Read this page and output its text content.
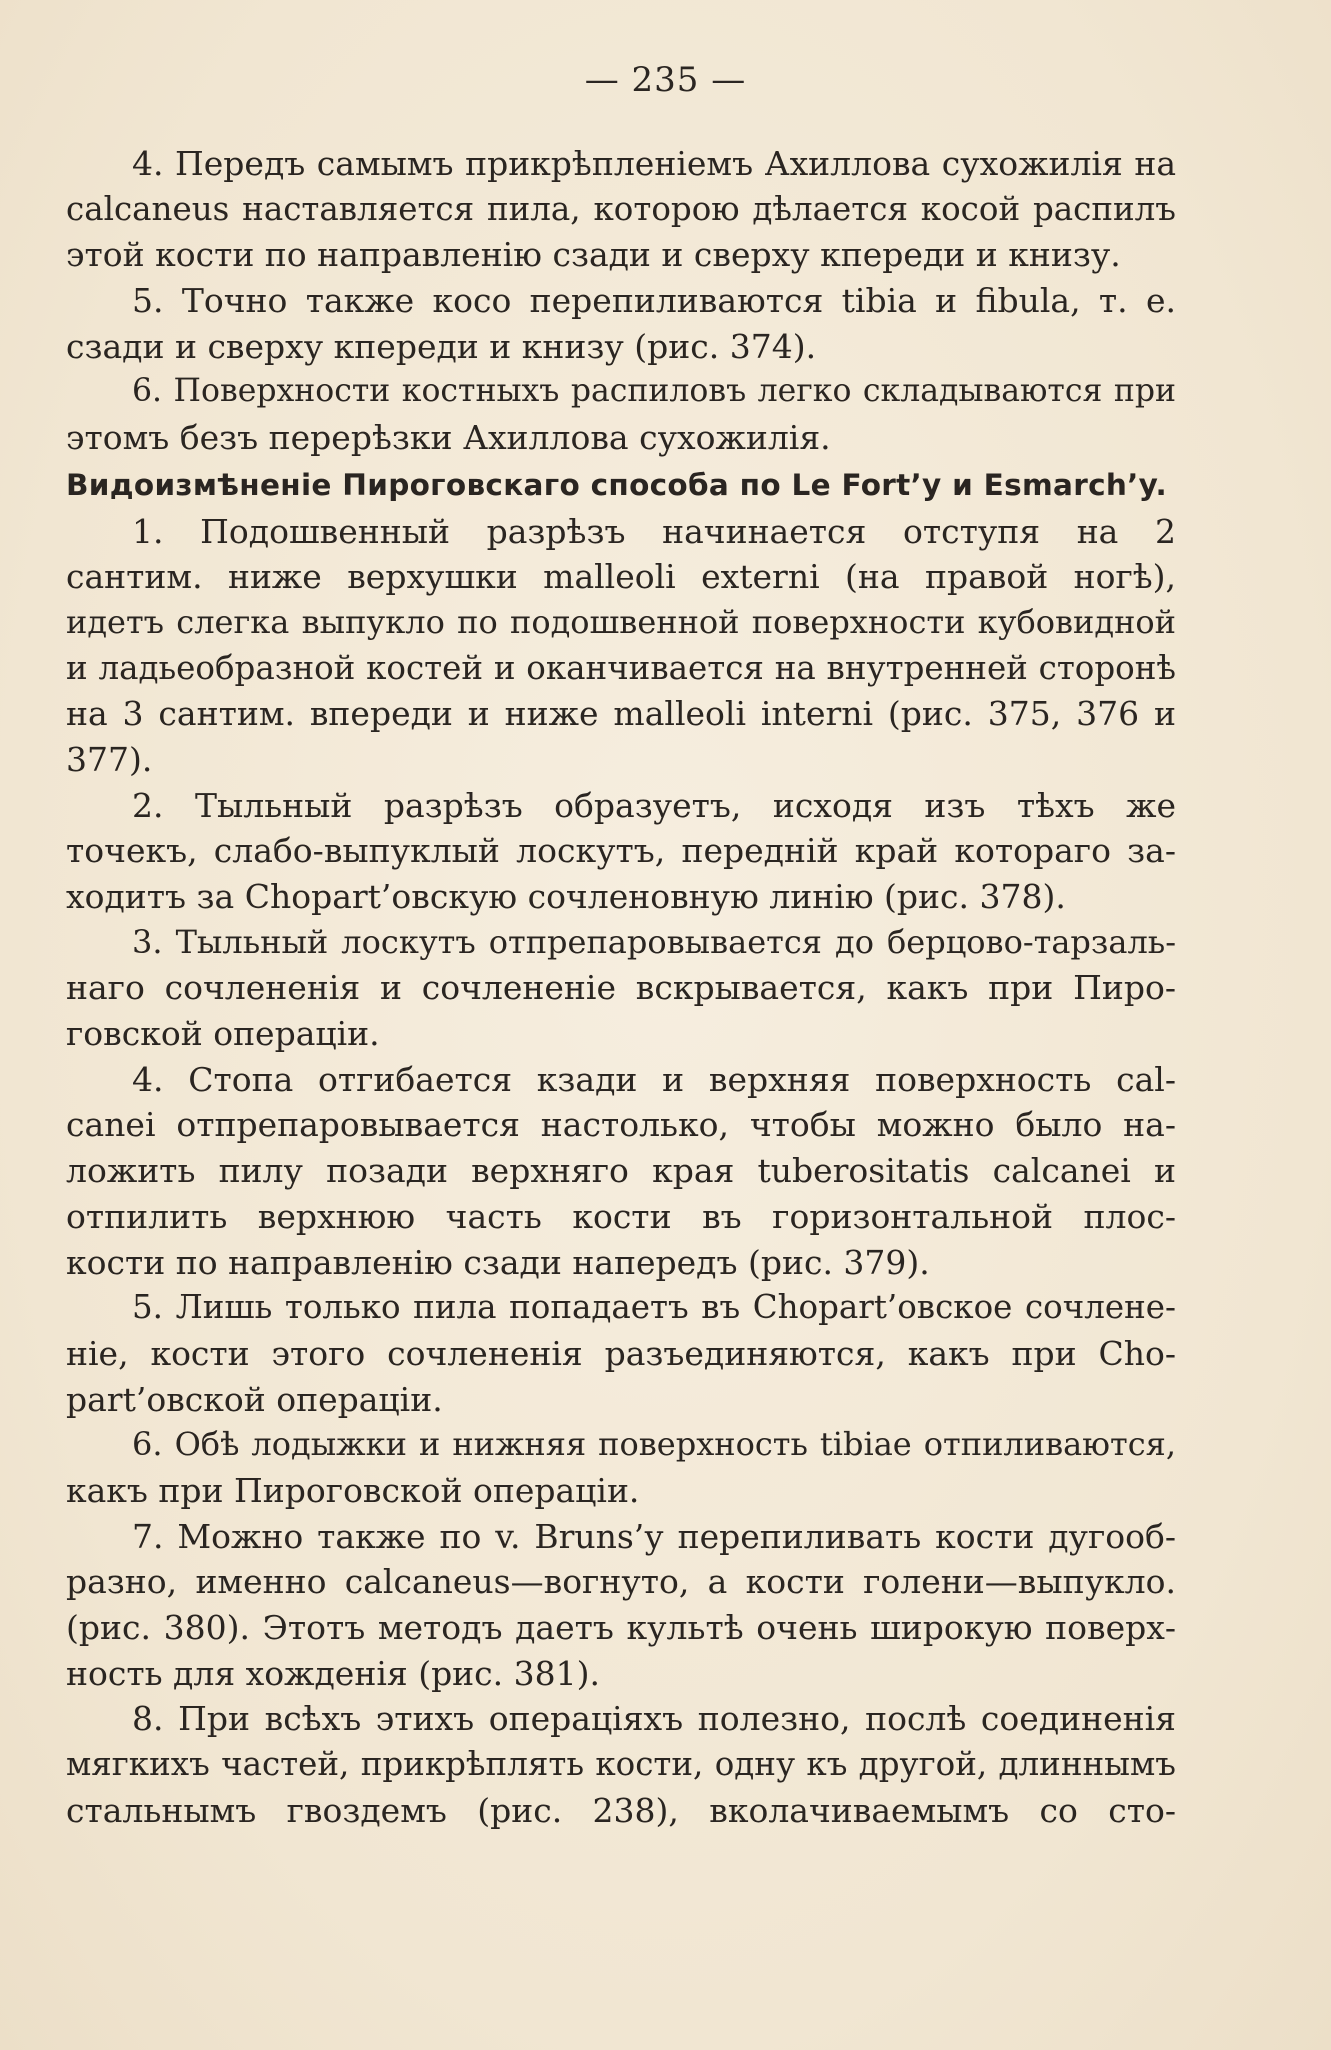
— 235 —
4. Передъ самымъ прикрѣпленіемъ Ахиллова сухожилія на
calcaneus наставляется пила, которою дѣлается косой распилъ
этой кости по направленію сзади и сверху кпереди и книзу.
5. Точно также косо перепиливаются tibia и fibula, т. е.
сзади и сверху кпереди и книзу (рис. 374).
6. Поверхности костныхъ распиловъ легко складываются при
этомъ безъ перерѣзки Ахиллова сухожилія.
Видоизмѣненіе Пироговскаго способа по Le Fort’y и Esmarch’y.
1. Подошвенный разрѣзъ начинается отступя на 2
сантим. ниже верхушки malleoli externi (на правой ногѣ),
идетъ слегка выпукло по подошвенной поверхности кубовидной
и ладьеобразной костей и оканчивается на внутренней сторонѣ
на 3 сантим. впереди и ниже malleoli interni (рис. 375, 376 и
377).
2. Тыльный разрѣзъ образуетъ, исходя изъ тѣхъ же
точекъ, слабо-выпуклый лоскутъ, передній край котораго за-
ходитъ за Chopart’овскую сочленовную линію (рис. 378).
3. Тыльный лоскутъ отпрепаровывается до берцово-тарзаль-
наго сочлененія и сочлененіе вскрывается, какъ при Пиро-
говской операціи.
4. Стопа отгибается кзади и верхняя поверхность cal-
canei отпрепаровывается настолько, чтобы можно было на-
ложить пилу позади верхняго края tuberositatis calcanei и
отпилить верхнюю часть кости въ горизонтальной плос-
кости по направленію сзади напередъ (рис. 379).
5. Лишь только пила попадаетъ въ Chopart’овское сочлене-
ніе, кости этого сочлененія разъединяются, какъ при Cho-
part’овской операціи.
6. Обѣ лодыжки и нижняя поверхность tibiae отпиливаются,
какъ при Пироговской операціи.
7. Можно также по v. Bruns’у перепиливать кости дугооб-
разно, именно calcaneus—вогнуто, а кости голени—выпукло.
(рис. 380). Этотъ методъ даетъ культѣ очень широкую поверх-
ность для хожденія (рис. 381).
8. При всѣхъ этихъ операціяхъ полезно, послѣ соединенія
мягкихъ частей, прикрѣплять кости, одну къ другой, длиннымъ
стальнымъ гвоздемъ (рис. 238), вколачиваемымъ со сто-
